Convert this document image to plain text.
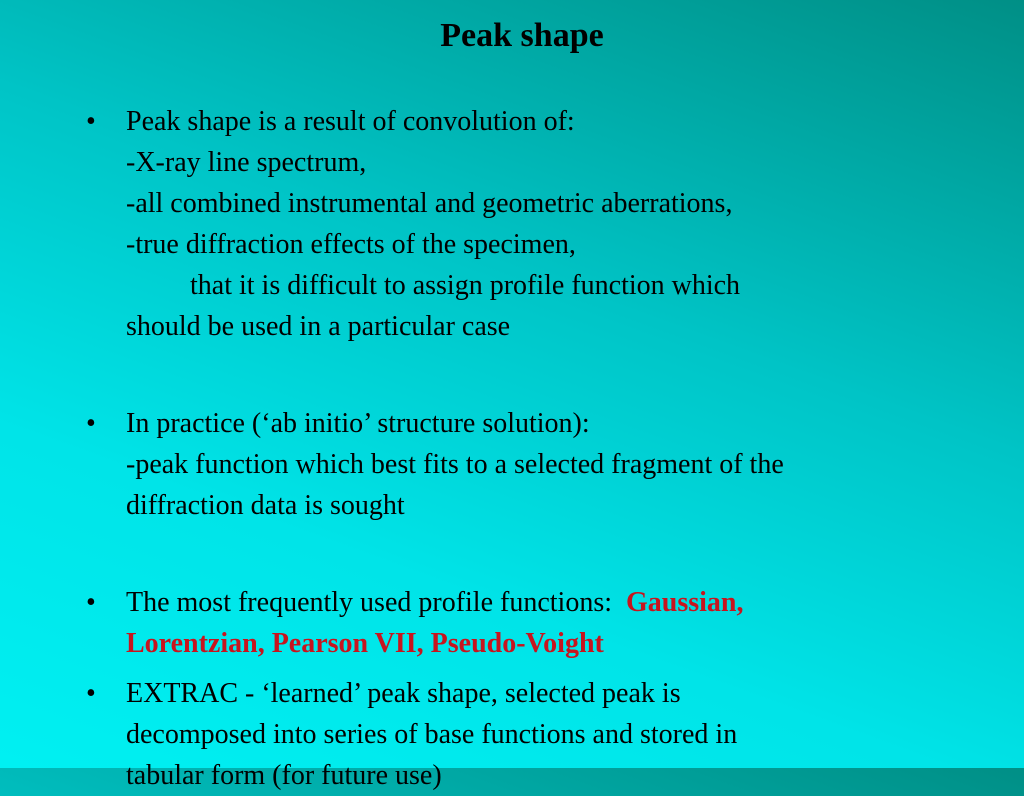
Peak shape
•	Peak shape is a result of convolution of:
-X-ray line spectrum,
-all combined instrumental and geometric aberrations,
-true diffraction effects of the specimen,
that it is difficult to assign profile function which
should be used in a particular case
•	In practice (‘ab initio’ structure solution):
-peak function which best fits to a selected fragment of the
diffraction data is sought
•	The most frequently used profile functions: Gaussian,
Lorentzian, Pearson VII, Pseudo-Voight
•	EXTRAC - ‘learned’ peak shape, selected peak is
decomposed into series of base functions and stored in
tabular form (for future use)
